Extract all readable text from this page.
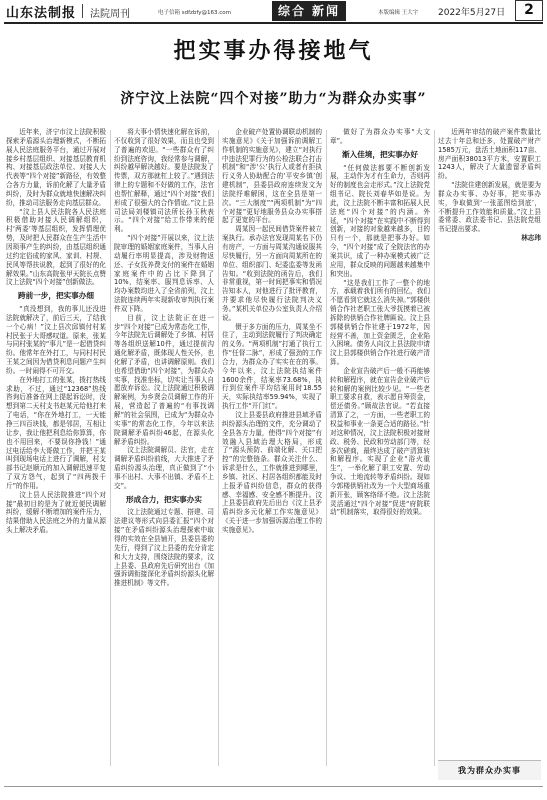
山东法制报 法院周刊	电子信箱 sdfzbfy@163.com	综合 新闻	本版编辑 王大宇 2022年5月27日	2
把实事办得接地气
济宁汶上法院“四个对接”助力“为群众办实事”

近年来，济宁市汶上法院积极探索矛盾源头治理新模式，不断拓展人民法庭服务平台，通过开展对接乡村基层组织、对接基层教育机构、对接基层政法单位、对接人大代表等“四个对接”新路径，有效整合各方力量，诉前化解了大量矛盾纠纷，及时为群众就地快速解决纠纷，推动司法服务走向基层群众。

“汶上县人民法院各人民法庭积极借助对接人民调解组织，村‘两委’等基层组织，发挥情理优势，及时把人民群众在生产生活中因琐事产生的纠纷，由基层组织通过约定俗成的家风、家训、村规、民风等帮扶说教，起到了很好的化解效果。”山东高院张甲天院长点赞汶上法院“四个对接”创新做法。

跨前一步，把实事办细

“真没想到，我的事儿还没进法院就解决了，前后三天，了结我一个心病！”汶上县次邱镇付村某村民张于大哥感叹道。原来，张某与同村张某的“事儿”是一起借贷纠纷。他常年在外打工，与同村村民王某之间因为借贷利息问题产生纠纷。一时闹得不可开交。

在外地打工的张某，拨打热线求助，不过，通过“12368”热线咨询后准备在网上提起诉讼时，没想到第二天村支书赵某元给他打来了电话，“你在外地打工，一天能挣三四百块钱，都是邻居，互相让让步，我让他把利息给你算算，你也不用回来，不要误你挣钱！”通过电话给李大哥做工作，并把王某叫到现场电话上进行了调解，村支部书记赵顺元的加入调解迅速平复了双方怨气，起到了“四两拨千斤”的作用。

汶上县人民法院推进“四个对接”最初目的是为了就近便民调解纠纷，缓解不断增加的案件压力，结果借助人民法庭之外的力量从源头上解决矛盾。

将大事小情快速化解在诉前，不仅收到了很好效果，而且也受到了普遍的欢迎。“一些群众有了纠纷到法庭咨询，我经常参与调解，纠纷越早解决越好。要是法院发了传票，双方那就杠上较了。”遇到法律上的专题和不好做的工作，法官也帮忙解释，通过“四个对接”我们形成了很强大的合作情谊。”汶上县司法局刘楼镇司法所长孙玉秋表示。“四个对接”给工作带来的便利。

“四个对接”开展以来，汶上法院审理的婚姻家庭案件，当事人自动履行率明显提高，涉及财物返还、子女抚养费支付的案件在婚姻家庭案件中的占比下降到了10%，结案率、服判息诉率、人均办案数均进入了全省前列，汶上法院连续两年实现新收审判执行案件双下降。

目前，汶上法院正在进一步“四个对接”已成为常态化工作，今年法院先后调解处了乡镇、村居等各组织送解10件，通过提前沟通化解矛盾，既体现人性关怀，也化解了矛盾，也讲调解原则。我们也希望借助“四个对接”，为群众办实事，找准坐标，切实让当事人自愿放弃诉讼。汶上法院通过积极调解案例，为乡贤会员调解工作的开展，营造起了普遍的“有事找调解”的社会氛围，已成为“为群众办实事”的常态化工作，今年以来法院调解矛盾纠纷46起，在源头化解矛盾纠纷。

汶上法院调解员、法官，走在调解矛盾纠纷前线，大大推进了矛盾纠纷源头治理，真正做到了“小事不出村、大事不出镇、矛盾不上交”。

形成合力，把实事办实

汶上法院通过专题、搭建、司法建议等形式向县委汇报“四个对接”在矛盾纠纷源头治理探索中取得的实效在全县铺开，县委县委的先行，得到了汶上县委的充分肯定和大力支持，围绕法院的要求，汶上县委、县政府先后研究出台《加强诉调衔接深化矛盾纠纷源头化解推进机制》等文件。

企业破产处置协调联动机制的实施意见》《关于加强诉前调解工作机制的实施意见》，建立“对执行中违法犯罪行为的公检法联合打击机制”和“涉‘公’执行人或者有拒执行义务人协助配合的‘平安乡镇’创建机制”，县委县政府连续发文为法院纾难解困，这在全县是第一次。“三大制度”“两项机制”为“四个对接”更好地服务县众办实事搭起了更宽的平台。

周某因一起民间借贷案件被立案执行。承办法官发现周某名下仍有房产，一方面与周某沟通说服其尽快履行，另一方面向周某所在的单位、组织部门、纪委监委等发函告知。“收到法院的函告后，我们非常重视，第一时间把事实和情况告知本人，对他进行了批评教育，并要求他尽快履行法院判决义务。”某机关单位办公室负责人介绍说。

慑于多方面的压力，周某坐不住了，主动到法院履行了判决确定的义务。“两项机制”打通了执行工作“任督二脉”，形成了强劲的工作合力，为群众办了实实在在的事。今年以来，汶上法院执结案件1600余件，结案率73.68%，执行到位案件平均结案用时18.55天，实际执结率59.94%，实现了执行工作“开门红”。

汶上县委县政府推进县域矛盾纠纷源头治理的文件，充分调动了全县各方力量，使得“四个对接”有效融入县域治理大格局，形成了“源头预防、前端化解、关口把控”的完整链条。群众关注什么、诉求是什么，工作就推进到哪里，乡镇、社区、村居各组织都能及时上报矛盾纠纷信息，群众的获得感、幸福感、安全感不断提升。汶上县委县政府先后出台《汶上县矛盾纠纷多元化解工作实施意见》《关于进一步加强诉源治理工作的实施意见》。

做好了为群众办实事“大文章”。

渐入佳境，把实事办好

“任何做法都要不断创新发展，主动作为才有生命力，否则再好的制度也会走形式。”汶上法院党组书记、院长刘春华如是说。为此，汶上法院不断丰富和拓展人民法庭“四个对接”的内涵。外延，“四个对接”在实践中不断得到创新，对接的对象越来越多，目的只有一个，那就是把事办好。如今，“四个对接”成了全院法官的办案共识，成了一种办案模式被广泛应用，群众反映的问题越来越集中和突出。

“这是我们工作了一整个的地方，承载着我们所有的回忆，我们不愿看到它就这么消失掉。”郭楼供销合作社老职工张大爷抚摸着已被拆除的供销合作社牌匾说。汶上县郭楼供销合作社建于1972年，因经营不善，加上资金匮乏，企业陷入困境。债务人向汶上县法院申请汶上县郭楼供销合作社进行破产清算。

企业宣告破产后一般不再能够转和解程序，就在宣告企业破产后转和解的案例比较少见。“一些老职工要求自救，表示愿自筹资金，偿还债务。”顾故法官说。“若直接清算了之，一方面，一些老职工的权益和事业一条更合适的路径。”针对这种情况，汶上法院积极对接财政、税务、民政和劳动部门等，经多次磋商，最终达成了破产清算转和解程序。实现了企业“浴火重生”，一举化解了职工安置、劳动争议、土地流转等矛盾纠纷。现如今郭楼供销社改为一个大型商场重新开张，顾客络绎不绝。汶上法院灵活通过“四个对接”促进“府院联动”机制落实，取得很好的效果。

近两年审结的破产案件数量比过去十年总和还多，处置破产财产1585万元，盘活土地面积117亩、房产面积38013平方米，安置职工1243人，解决了大量遗留矛盾纠纷。

“法院住建创新发展，就是要为群众办实事、办好事，把实事办实，争取做到‘一张蓝图绘到底’，不断提升工作效能和质量。”汶上县委常委、政法委书记、县法院党组书记提出要求。

林志玮

我为群众办实事
